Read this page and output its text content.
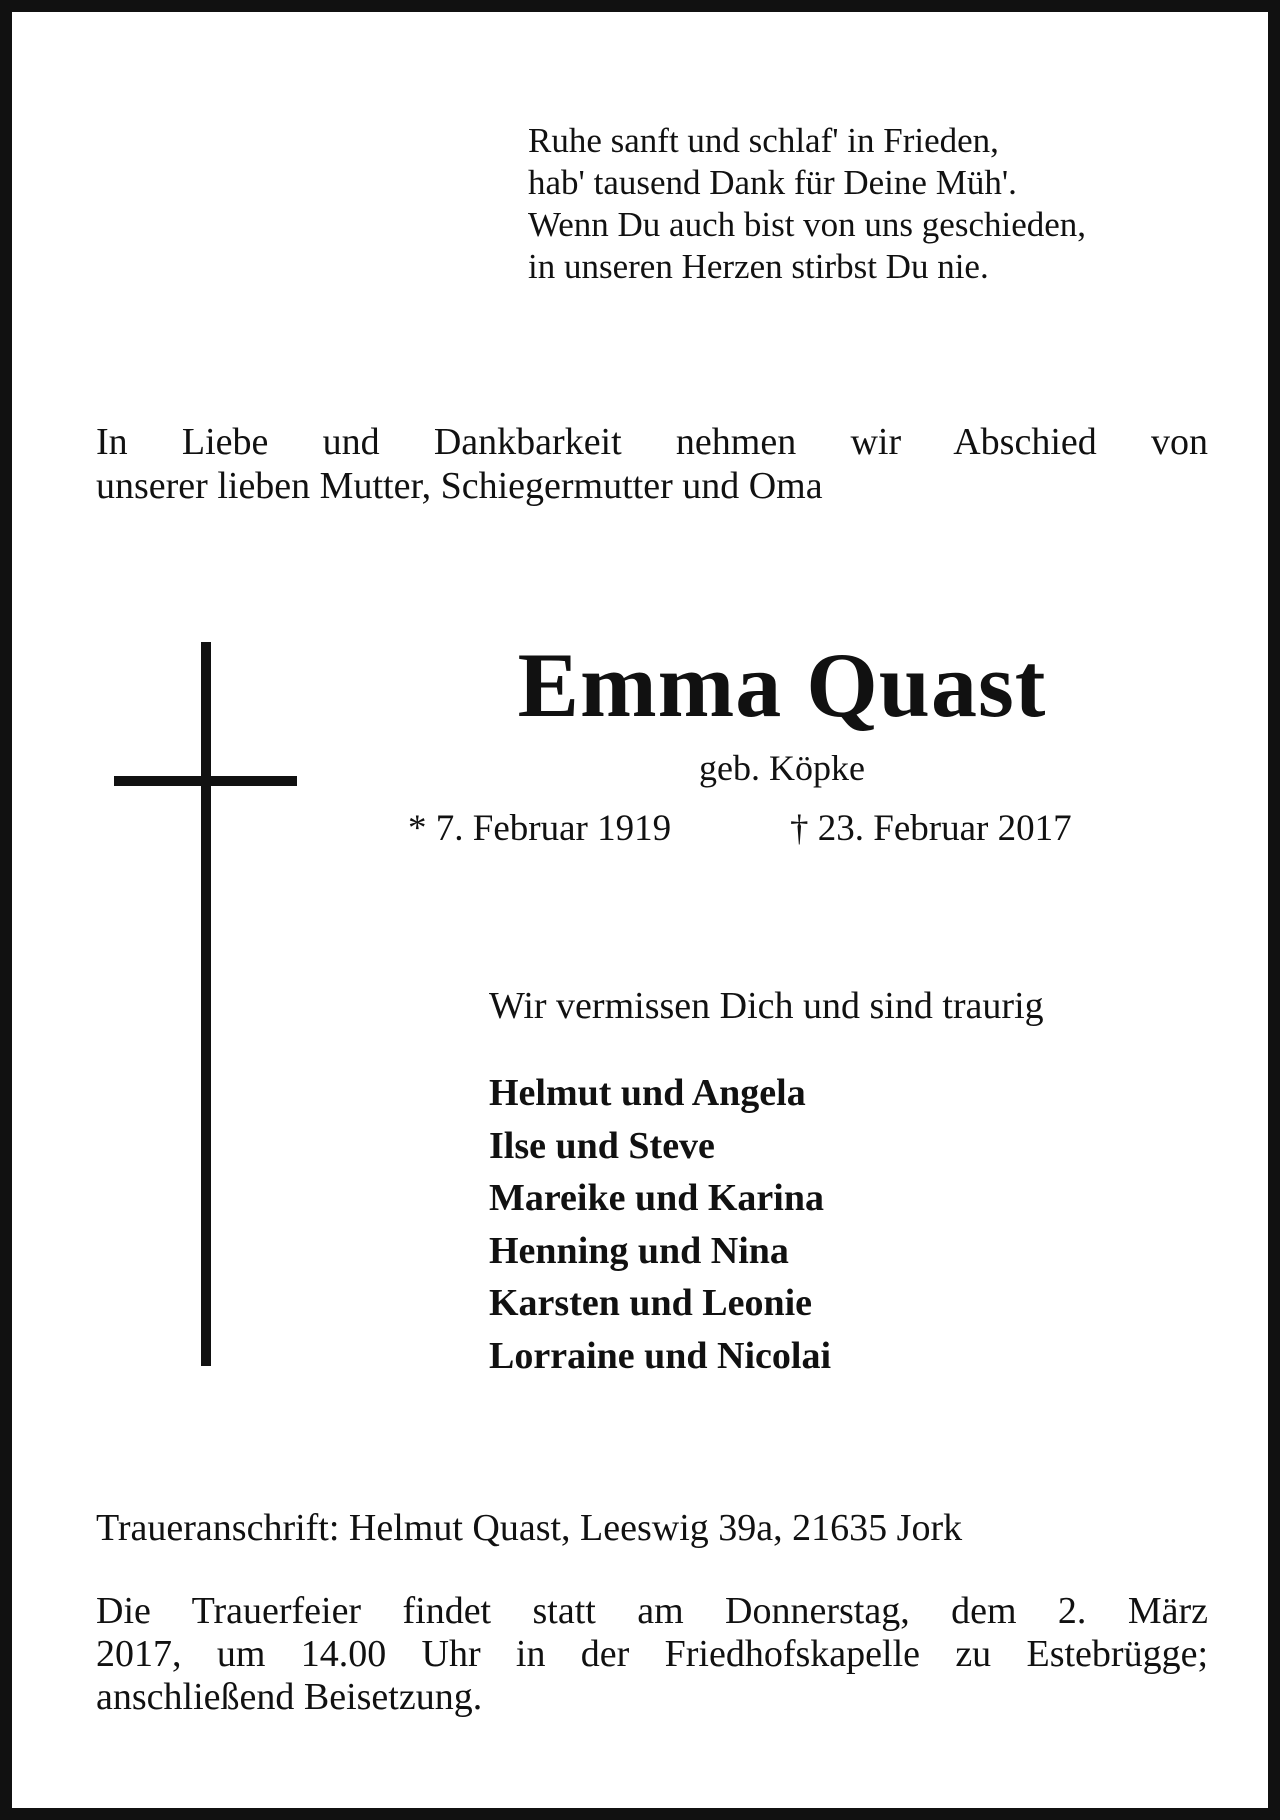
Ruhe sanft und schlaf' in Frieden,
hab' tausend Dank für Deine Müh'.
Wenn Du auch bist von uns geschieden,
in unseren Herzen stirbst Du nie.
In Liebe und Dankbarkeit nehmen wir Abschied von
unserer lieben Mutter, Schiegermutter und Oma
Emma Quast
geb. Köpke
* 7. Februar 1919	† 23. Februar 2017
Wir vermissen Dich und sind traurig
Helmut und Angela
Ilse und Steve
Mareike und Karina
Henning und Nina
Karsten und Leonie
Lorraine und Nicolai
Traueranschrift: Helmut Quast, Leeswig 39a, 21635 Jork
Die Trauerfeier findet statt am Donnerstag, dem 2. März
2017, um 14.00 Uhr in der Friedhofskapelle zu Estebrügge;
anschließend Beisetzung.
